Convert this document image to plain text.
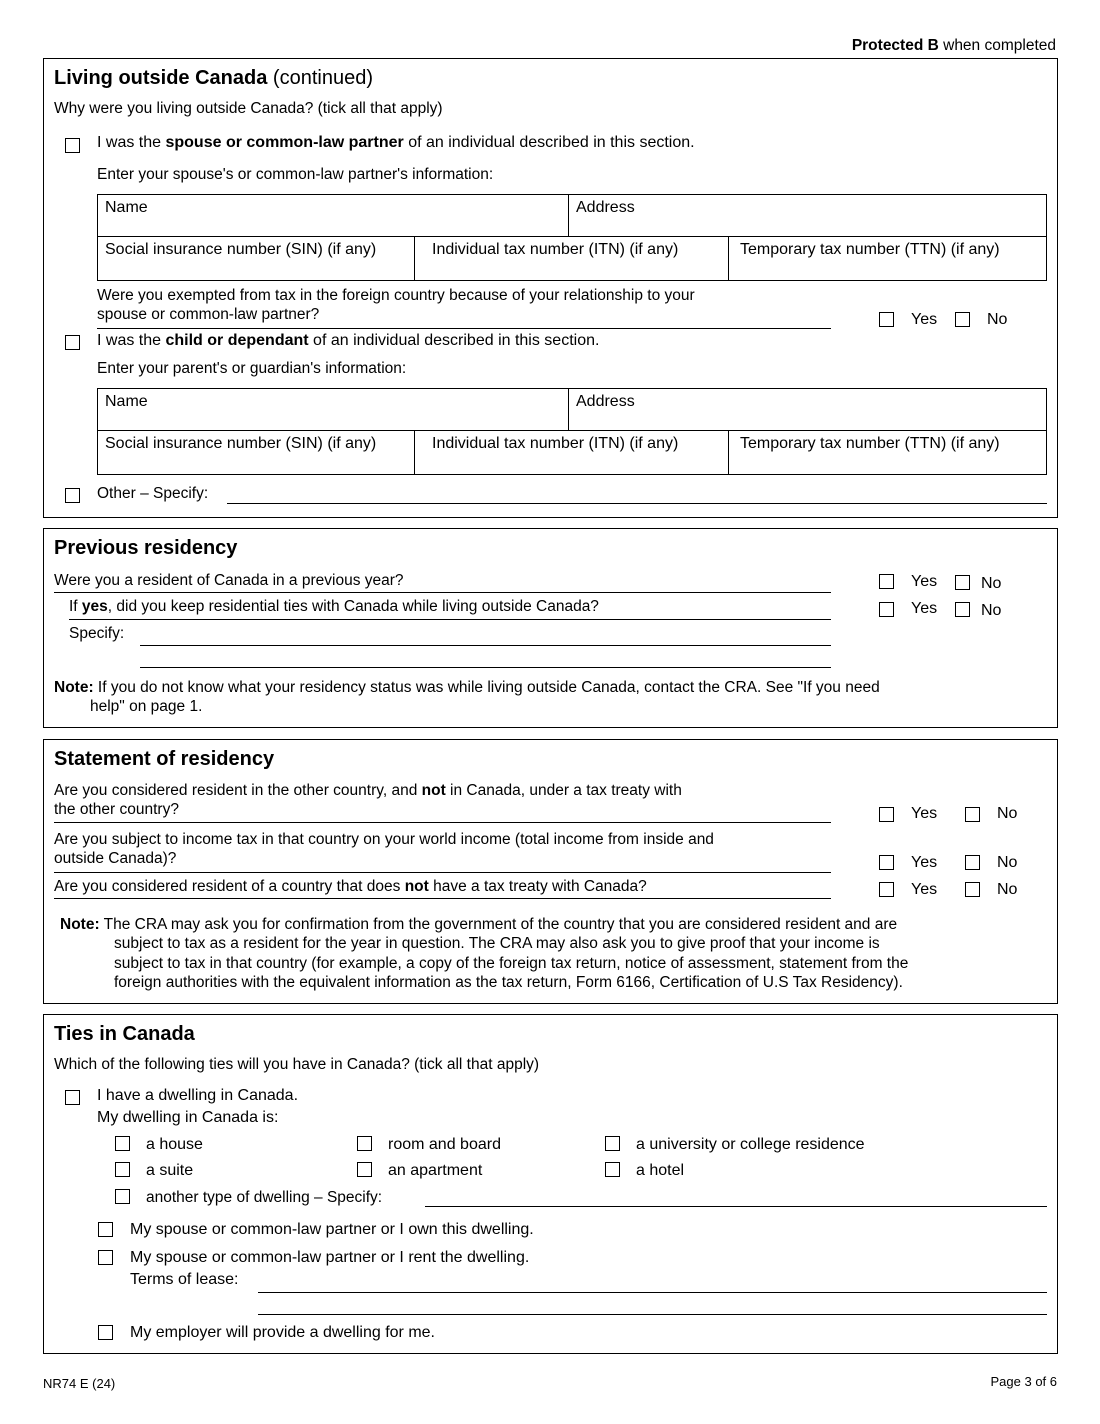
Protected B when completed
Living outside Canada (continued)
Why were you living outside Canada? (tick all that apply)
I was the spouse or common-law partner of an individual described in this section.
Enter your spouse's or common-law partner's information:
Name	Address
Social insurance number (SIN) (if any)	Individual tax number (ITN) (if any)	Temporary tax number (TTN) (if any)
Were you exempted from tax in the foreign country because of your relationship to your
spouse or common-law partner?	Yes	No
I was the child or dependant of an individual described in this section.
Enter your parent's or guardian's information:
Name	Address
Social insurance number (SIN) (if any)	Individual tax number (ITN) (if any)	Temporary tax number (TTN) (if any)
Other – Specify:
Previous residency
Were you a resident of Canada in a previous year?	Yes	No
If yes, did you keep residential ties with Canada while living outside Canada?	Yes	No
Specify:
Note: If you do not know what your residency status was while living outside Canada, contact the CRA. See "If you need
help" on page 1.
Statement of residency
Are you considered resident in the other country, and not in Canada, under a tax treaty with
the other country?	Yes	No
Are you subject to income tax in that country on your world income (total income from inside and
outside Canada)?	Yes	No
Are you considered resident of a country that does not have a tax treaty with Canada?	Yes	No
Note: The CRA may ask you for confirmation from the government of the country that you are considered resident and are
subject to tax as a resident for the year in question. The CRA may also ask you to give proof that your income is
subject to tax in that country (for example, a copy of the foreign tax return, notice of assessment, statement from the
foreign authorities with the equivalent information as the tax return, Form 6166, Certification of U.S Tax Residency).
Ties in Canada
Which of the following ties will you have in Canada? (tick all that apply)
I have a dwelling in Canada.
My dwelling in Canada is:
a house	room and board	a university or college residence
a suite	an apartment	a hotel
another type of dwelling – Specify:
My spouse or common-law partner or I own this dwelling.
My spouse or common-law partner or I rent the dwelling.
Terms of lease:
My employer will provide a dwelling for me.
NR74 E (24)	Page 3 of 6
